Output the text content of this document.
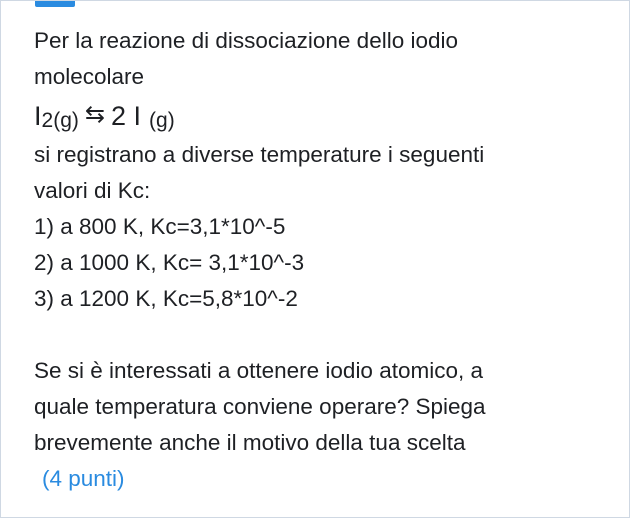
Per la reazione di dissociazione dello iodio
molecolare
I 2(g) ⇆ 2 I (g)
si registrano a diverse temperature i seguenti
valori di Kc:
1) a 800 K, Kc=3,1*10^-5
2) a 1000 K, Kc= 3,1*10^-3
3) a 1200 K, Kc=5,8*10^-2
Se si è interessati a ottenere iodio atomico, a
quale temperatura conviene operare? Spiega
brevemente anche il motivo della tua scelta
(4 punti)
